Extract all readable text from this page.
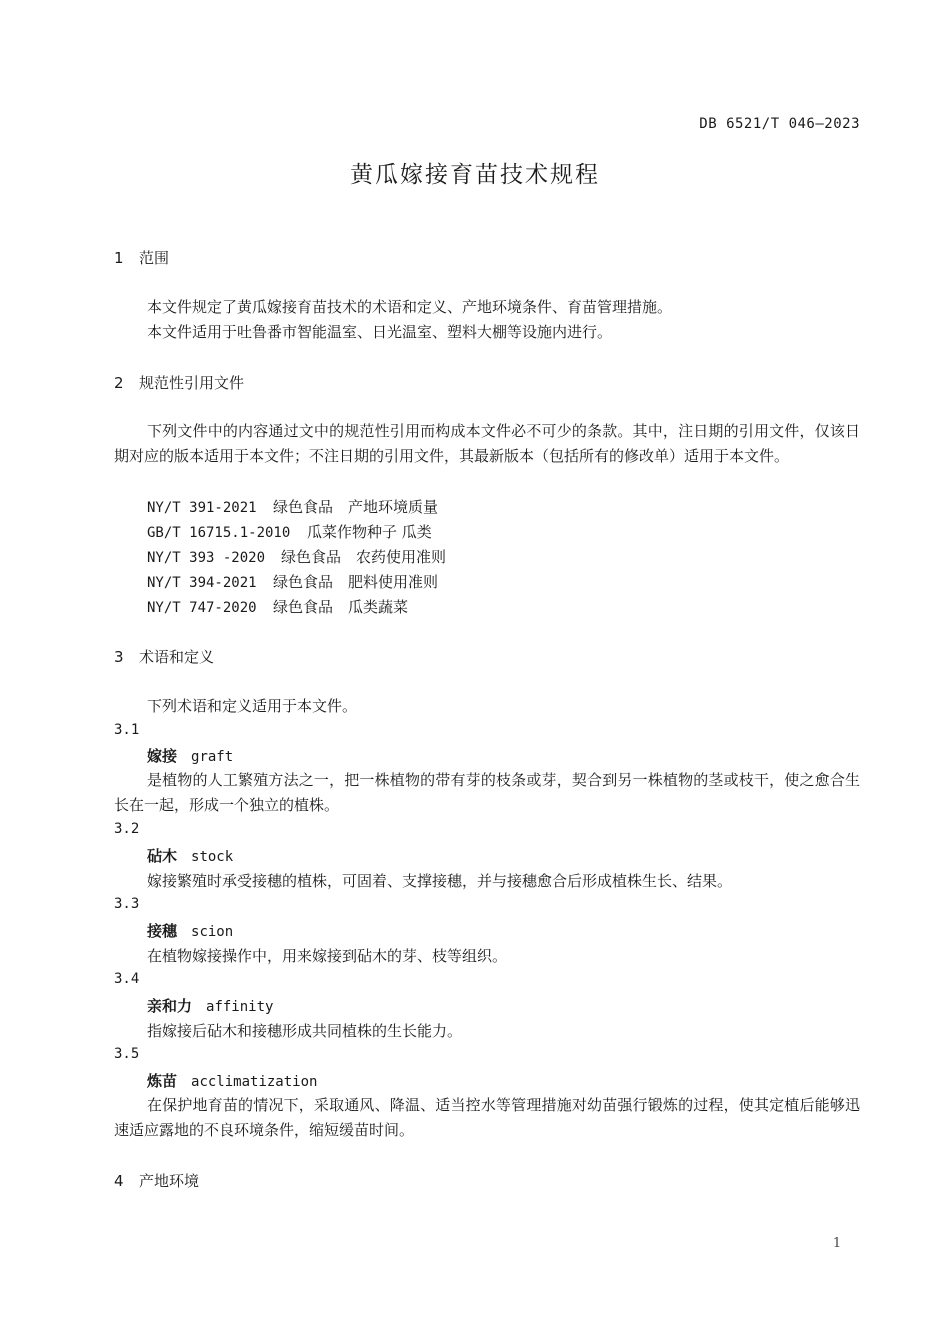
DB 6521/T 046—2023
黄瓜嫁接育苗技术规程
1 范围
本文件规定了黄瓜嫁接育苗技术的术语和定义、产地环境条件、育苗管理措施。
本文件适用于吐鲁番市智能温室、日光温室、塑料大棚等设施内进行。
2 规范性引用文件
下列文件中的内容通过文中的规范性引用而构成本文件必不可少的条款。其中，注日期的引用文件，仅该日期对应的版本适用于本文件；不注日期的引用文件，其最新版本（包括所有的修改单）适用于本文件。
NY/T 391-2021 绿色食品　产地环境质量
GB/T 16715.1-2010 瓜菜作物种子 瓜类
NY/T 393 -2020 绿色食品　农药使用准则
NY/T 394-2021 绿色食品　肥料使用准则
NY/T 747-2020 绿色食品　瓜类蔬菜
3 术语和定义
下列术语和定义适用于本文件。
3.1
嫁接 graft
是植物的人工繁殖方法之一，把一株植物的带有芽的枝条或芽，契合到另一株植物的茎或枝干，使之愈合生长在一起，形成一个独立的植株。
3.2
砧木 stock
嫁接繁殖时承受接穗的植株，可固着、支撑接穗，并与接穗愈合后形成植株生长、结果。
3.3
接穗 scion
在植物嫁接操作中，用来嫁接到砧木的芽、枝等组织。
3.4
亲和力 affinity
指嫁接后砧木和接穗形成共同植株的生长能力。
3.5
炼苗 acclimatization
在保护地育苗的情况下，采取通风、降温、适当控水等管理措施对幼苗强行锻炼的过程，使其定植后能够迅速适应露地的不良环境条件，缩短缓苗时间。
4 产地环境
1
